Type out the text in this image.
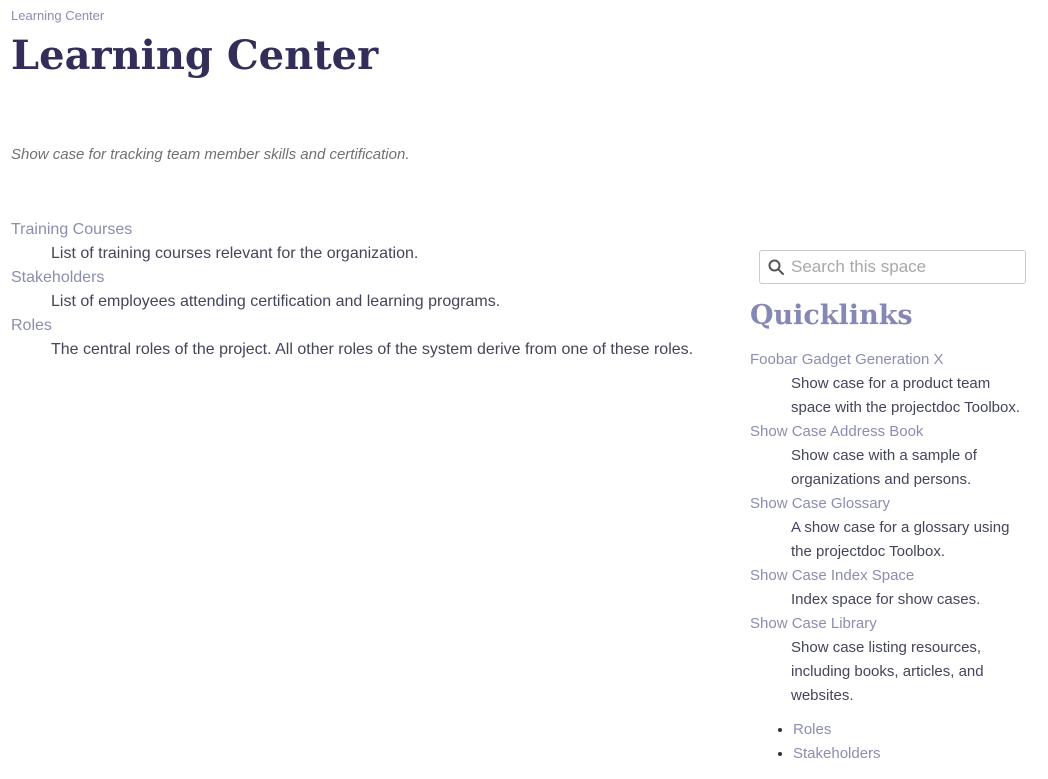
Learning Center
Learning Center

Show case for tracking team member skills and certification.

Training Courses
List of training courses relevant for the organization.
Stakeholders
List of employees attending certification and learning programs.
Roles
The central roles of the project. All other roles of the system derive from one of these roles.
Search this space
Quicklinks
Foobar Gadget Generation X
Show case for a product team space with the projectdoc Toolbox.
Show Case Address Book
Show case with a sample of organizations and persons.
Show Case Glossary
A show case for a glossary using the projectdoc Toolbox.
Show Case Index Space
Index space for show cases.
Show Case Library
Show case listing resources, including books, articles, and websites.
• Roles
• Stakeholders
